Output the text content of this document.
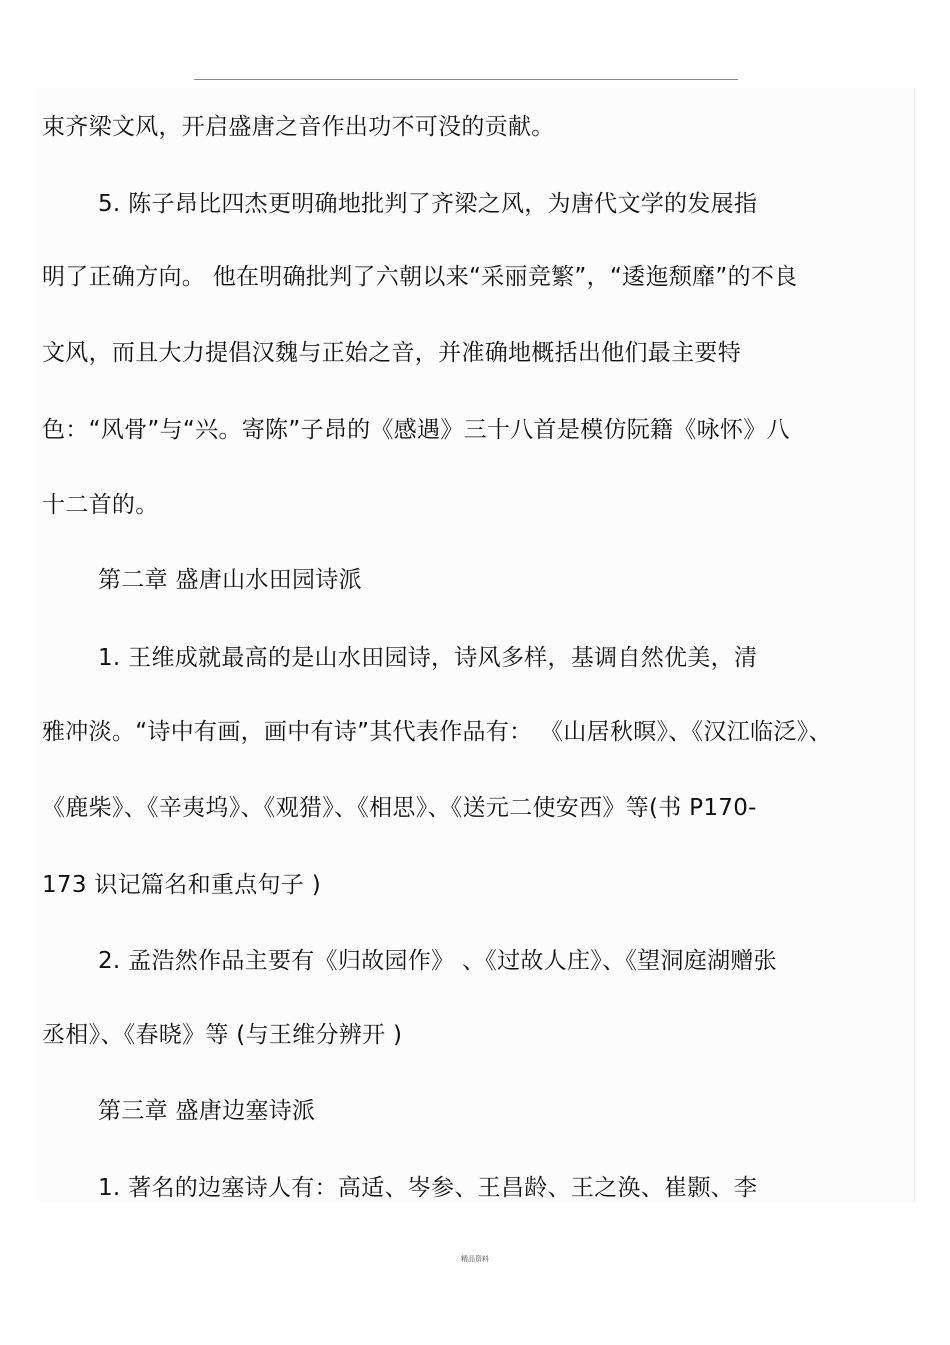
束齐梁文风，开启盛唐之音作出功不可没的贡献。
5. 陈子昂比四杰更明确地批判了齐梁之风，为唐代文学的发展指
明了正确方向。 他在明确批判了六朝以来“采丽竞繁”，“逶迤颓靡”的不良
文风，而且大力提倡汉魏与正始之音，并准确地概括出他们最主要特
色：“风骨”与“兴。寄陈”子昂的《感遇》三十八首是模仿阮籍《咏怀》八
十二首的。
第二章 盛唐山水田园诗派
1. 王维成就最高的是山水田园诗，诗风多样，基调自然优美，清
雅冲淡。“诗中有画，画中有诗”其代表作品有： 《山居秋暝》、《汉江临泛》、
《鹿柴》、《辛夷坞》、《观猎》、《相思》、《送元二使安西》等(书 P170-
173 识记篇名和重点句子 )
2. 孟浩然作品主要有《归故园作》 、《过故人庄》、《望洞庭湖赠张
丞相》、《春晓》等 (与王维分辨开 )
第三章 盛唐边塞诗派
1. 著名的边塞诗人有：高适、岑参、王昌龄、王之涣、崔颢、李
精品资料
